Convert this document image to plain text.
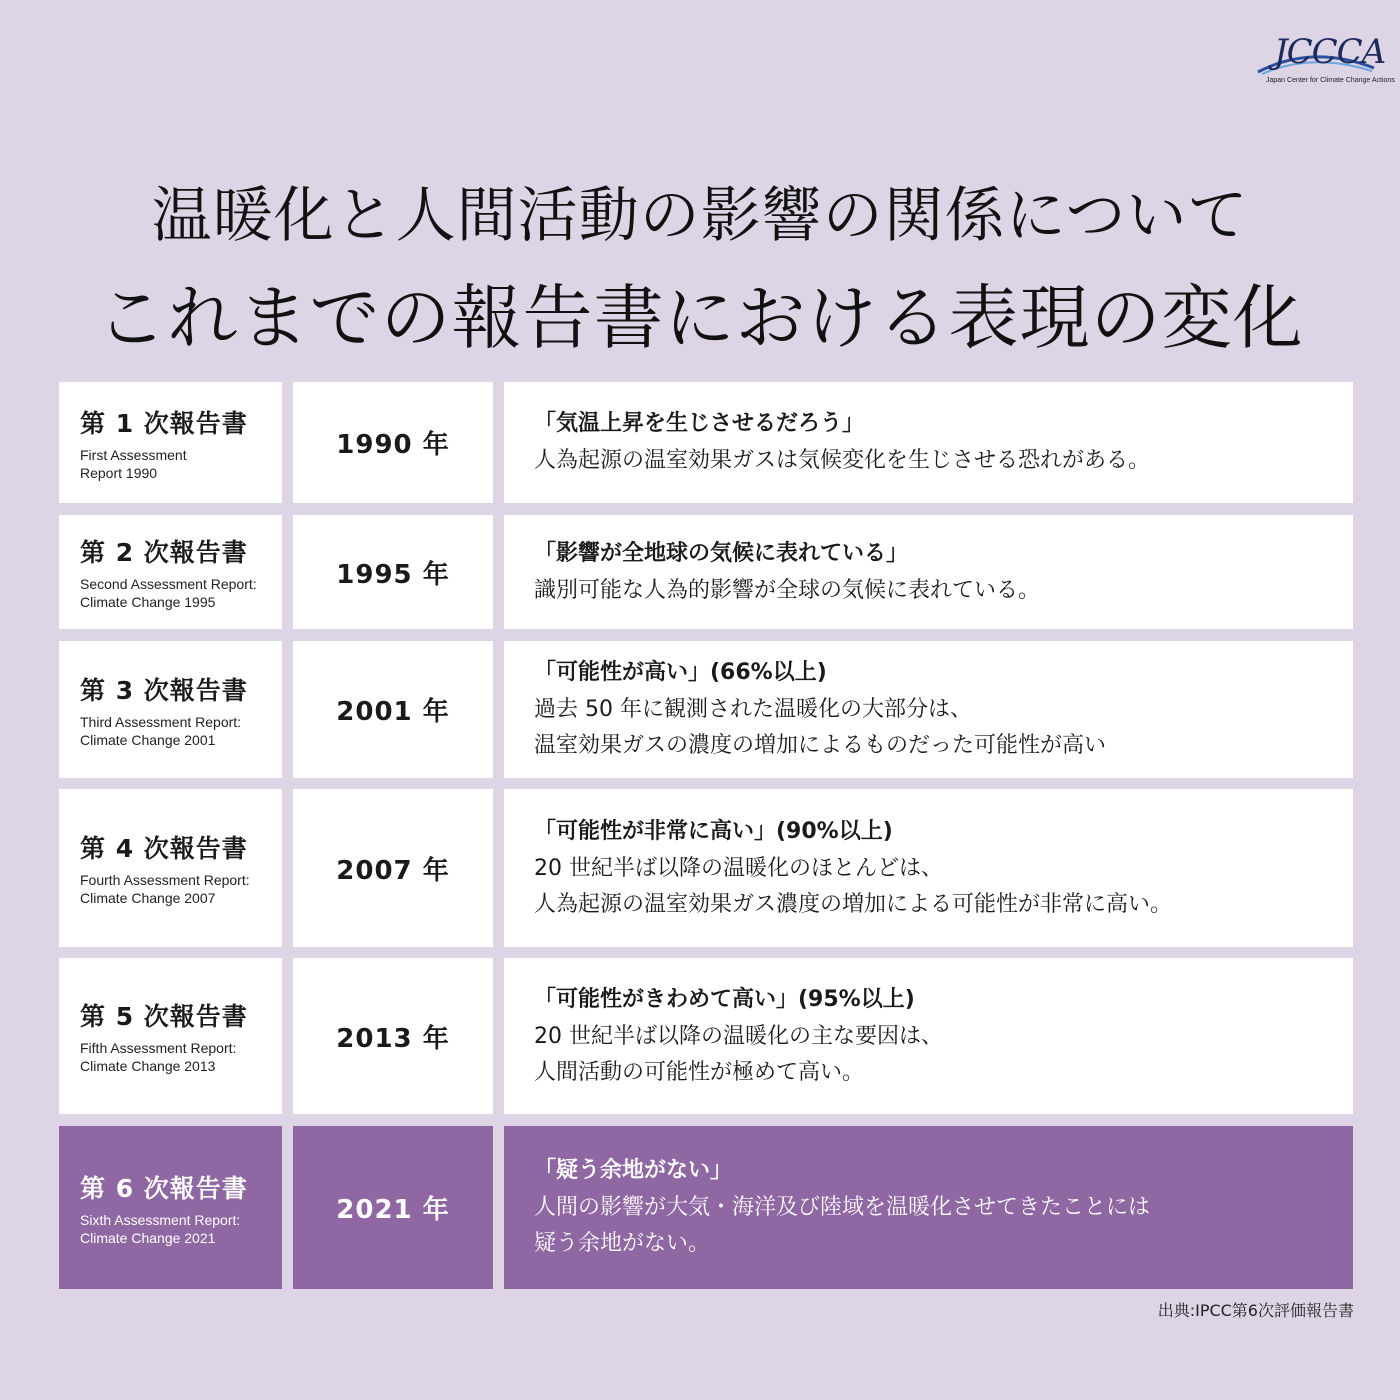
JCCCA
Japan Center for Climate Change Actions
温暖化と人間活動の影響の関係について
これまでの報告書における表現の変化
第 1 次報告書
First Assessment
Report 1990
1990 年
「気温上昇を生じさせるだろう」
人為起源の温室効果ガスは気候変化を生じさせる恐れがある。
第 2 次報告書
Second Assessment Report:
Climate Change 1995
1995 年
「影響が全地球の気候に表れている」
識別可能な人為的影響が全球の気候に表れている。
第 3 次報告書
Third Assessment Report:
Climate Change 2001
2001 年
「可能性が高い」(66%以上)
過去 50 年に観測された温暖化の大部分は、
温室効果ガスの濃度の増加によるものだった可能性が高い
第 4 次報告書
Fourth Assessment Report:
Climate Change 2007
2007 年
「可能性が非常に高い」(90%以上)
20 世紀半ば以降の温暖化のほとんどは、
人為起源の温室効果ガス濃度の増加による可能性が非常に高い。
第 5 次報告書
Fifth Assessment Report:
Climate Change 2013
2013 年
「可能性がきわめて高い」(95%以上)
20 世紀半ば以降の温暖化の主な要因は、
人間活動の可能性が極めて高い。
第 6 次報告書
Sixth Assessment Report:
Climate Change 2021
2021 年
「疑う余地がない」
人間の影響が大気・海洋及び陸域を温暖化させてきたことには
疑う余地がない。
出典:IPCC第6次評価報告書
